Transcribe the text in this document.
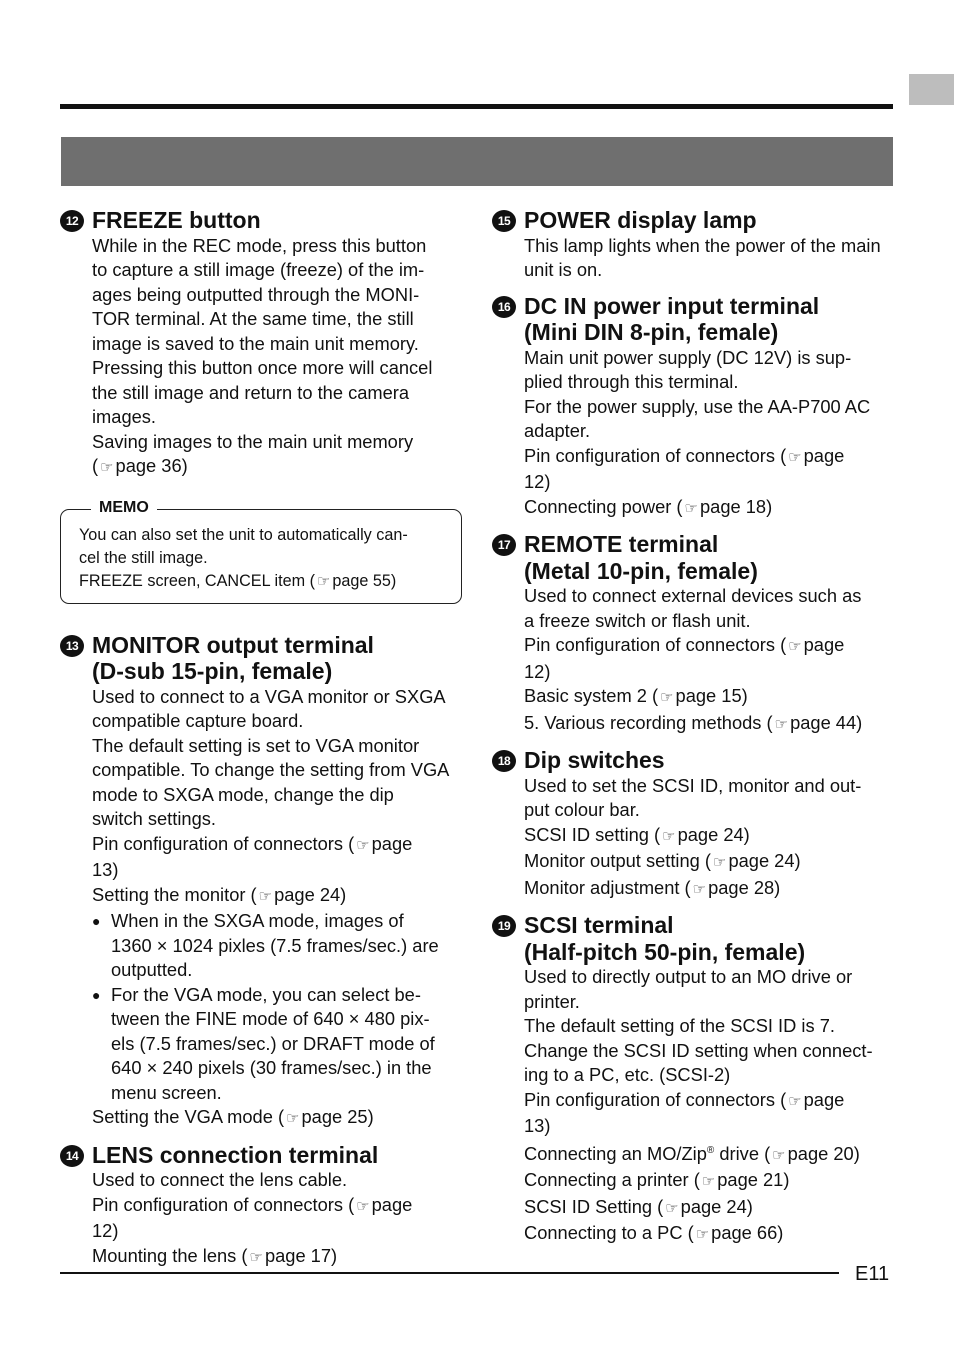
12 FREEZE button

While in the REC mode, press this button

to capture a still image (freeze) of the im-

ages being outputted through the MONI-

TOR terminal. At the same time, the still

image is saved to the main unit memory.

Pressing this button once more will cancel

the still image and return to the camera

images.

Saving images to the main unit memory

( ☞ page 36)

MEMO

You can also set the unit to automatically can-

cel the still image.

FREEZE screen, CANCEL item ( ☞ page 55)

13 MONITOR output terminal
(D-sub 15-pin, female)

Used to connect to a VGA monitor or SXGA

compatible capture board.

The default setting is set to VGA monitor

compatible. To change the setting from VGA

mode to SXGA mode, change the dip

switch settings.

Pin configuration of connectors ( ☞ page

13)

Setting the monitor ( ☞ page 24)

● When in the SXGA mode, images of

1360 × 1024 pixles (7.5 frames/sec.) are

outputted.

● For the VGA mode, you can select be-

tween the FINE mode of 640 × 480 pix-

els (7.5 frames/sec.) or DRAFT mode of

640 × 240 pixels (30 frames/sec.) in the

menu screen.

Setting the VGA mode ( ☞ page 25)

14 LENS connection terminal

Used to connect the lens cable.

Pin configuration of connectors ( ☞ page

12)

Mounting the lens ( ☞ page 17)

15 POWER display lamp

This lamp lights when the power of the main

unit is on.

16 DC IN power input terminal
(Mini DIN 8-pin, female)

Main unit power supply (DC 12V) is sup-

plied through this terminal.

For the power supply, use the AA-P700 AC

adapter.

Pin configuration of connectors ( ☞ page

12)

Connecting power ( ☞ page 18)

17 REMOTE terminal
(Metal 10-pin, female)

Used to connect external devices such as

a freeze switch or flash unit.

Pin configuration of connectors ( ☞ page

12)

Basic system 2 ( ☞ page 15)

5. Various recording methods ( ☞ page 44)

18 Dip switches

Used to set the SCSI ID, monitor and out-

put colour bar.

SCSI ID setting ( ☞ page 24)

Monitor output setting ( ☞ page 24)

Monitor adjustment ( ☞ page 28)

19 SCSI terminal
(Half-pitch 50-pin, female)

Used to directly output to an MO drive or

printer.

The default setting of the SCSI ID is 7.

Change the SCSI ID setting when connect-

ing to a PC, etc. (SCSI-2)

Pin configuration of connectors ( ☞ page

13)

Connecting an MO/Zip® drive ( ☞ page 20)

Connecting a printer ( ☞ page 21)

SCSI ID Setting ( ☞ page 24)

Connecting to a PC ( ☞ page 66)

E11
